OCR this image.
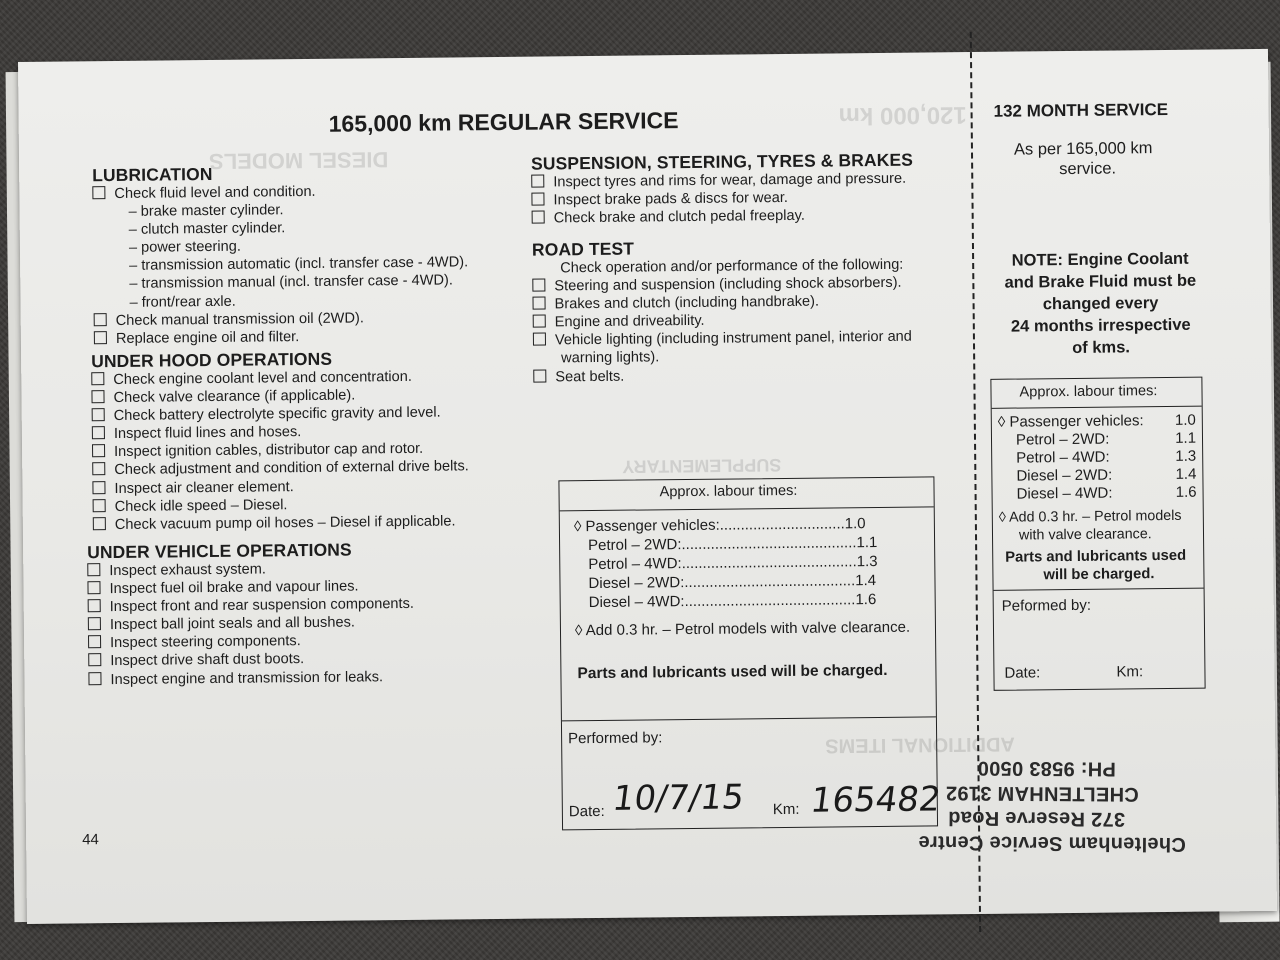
120,000 km
DIESEL MODELS
SUPPLEMENTARY
ADDITIONAL ITEMS
165,000 km REGULAR SERVICE
LUBRICATION
Check fluid level and condition.
– brake master cylinder.
– clutch master cylinder.
– power steering.
– transmission automatic (incl. transfer case - 4WD).
– transmission manual (incl. transfer case - 4WD).
– front/rear axle.
Check manual transmission oil (2WD).
Replace engine oil and filter.
UNDER HOOD OPERATIONS
Check engine coolant level and concentration.
Check valve clearance (if applicable).
Check battery electrolyte specific gravity and level.
Inspect fluid lines and hoses.
Inspect ignition cables, distributor cap and rotor.
Check adjustment and condition of external drive belts.
Inspect air cleaner element.
Check idle speed – Diesel.
Check vacuum pump oil hoses – Diesel if applicable.
UNDER VEHICLE OPERATIONS
Inspect exhaust system.
Inspect fuel oil brake and vapour lines.
Inspect front and rear suspension components.
Inspect ball joint seals and all bushes.
Inspect steering components.
Inspect drive shaft dust boots.
Inspect engine and transmission for leaks.
SUSPENSION, STEERING, TYRES & BRAKES
Inspect tyres and rims for wear, damage and pressure.
Inspect brake pads & discs for wear.
Check brake and clutch pedal freeplay.
ROAD TEST
Check operation and/or performance of the following:
Steering and suspension (including shock absorbers).
Brakes and clutch (including handbrake).
Engine and driveability.
Vehicle lighting (including instrument panel, interior and
warning lights).
Seat belts.
Approx. labour times:
◊ Passenger vehicles:..............................1.0
Petrol – 2WD:..........................................1.1
Petrol – 4WD:..........................................1.3
Diesel – 2WD:.........................................1.4
Diesel – 4WD:.........................................1.6
◊ Add 0.3 hr. – Petrol models with valve clearance.
Parts and lubricants used will be charged.
Performed by:
Date:	Km:
10/7/15 165482
44
132 MONTH SERVICE
As per 165,000 km
service.
NOTE: Engine Coolant
and Brake Fluid must be
changed every
24 months irrespective
of kms.
Approx. labour times:
◊ Passenger vehicles: 1.0
Petrol – 2WD:	1.1
Petrol – 4WD:	1.3
Diesel – 2WD:	1.4
Diesel – 4WD:	1.6
◊ Add 0.3 hr. – Petrol models
with valve clearance.
Parts and lubricants used
will be charged.
Peformed by:
Date:	Km:
Cheltenham Service Centre
372 Reserve Road
CHELTENHAM 3192
PH: 9583 0500
